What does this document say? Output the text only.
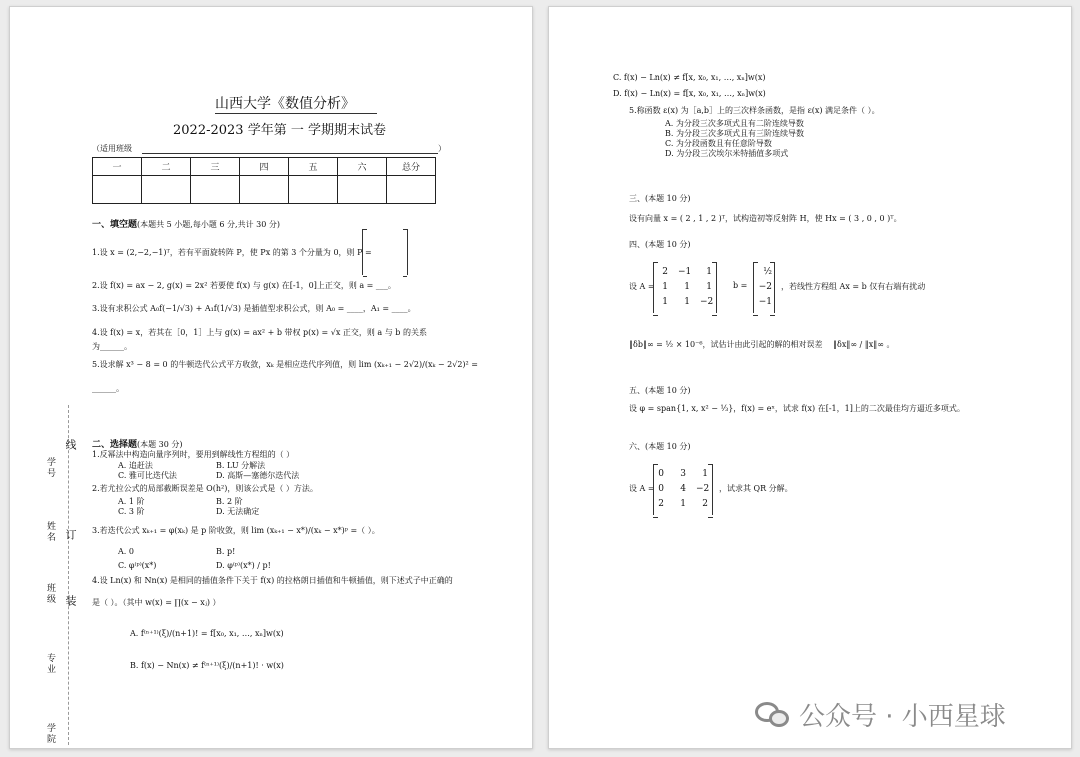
山西大学《数值分析》
2022-2023 学年第 一 学期期末试卷
（适用班级	）
一	二	三	四	五	六	总分

一、填空题(本题共 5 小题,每小题 6 分,共计 30 分)
1.设 x = (2,−2,−1)ᵀ，若有平面旋转阵 P，使 Px 的第 3 个分量为 0，则 P =
2.设 f(x) = ax − 2, g(x) = 2x² 若要使 f(x) 与 g(x) 在[-1，0]上正交，则 a = ___。
3.设有求积公式 A₀f(−1/√3) + A₁f(1/√3) 是插值型求积公式，则 A₀ = ____，A₁ = ____。
4.设 f(x) = x，若其在［0，1］上与 g(x) = ax² + b 带权 p(x) = √x 正交，则 a 与 b 的关系
为______。
5.设求解 x³ − 8 = 0 的牛顿迭代公式平方收敛，xₖ 是相应迭代序列值，则 lim (xₖ₊₁ − 2√2)/(xₖ − 2√2)² =
______。
学号
线
姓名 订
班级 装
专业
学院
二、选择题(本题 30 分)
1.反幂法中构造向量序列时，要用到解线性方程组的（ ）
A. 追赶法	B. LU 分解法
C. 雅可比迭代法	D. 高斯—塞德尔迭代法
2.若尤拉公式的局部截断误差是 O(h²)，则该公式是（ ）方法。
A. 1 阶	B. 2 阶
C. 3 阶	D. 无法确定
3.若迭代公式 xₖ₊₁ = φ(xₖ) 是 p 阶收敛，则 lim (xₖ₊₁ − x*)/(xₖ − x*)ᵖ =（ ）。
A. 0	B. p!
C. φ⁽ᵖ⁾(x*)	D. φ⁽ᵖ⁾(x*) / p!
4.设 Ln(x) 和 Nn(x) 是相同的插值条件下关于 f(x) 的拉格朗日插值和牛顿插值，则下述式子中正确的
是（ ）。（其中 w(x) = ∏(x − xⱼ) ）
A. f⁽ⁿ⁺¹⁾(ξ)/(n+1)! = f[x₀, x₁, …, xₙ]w(x)
B. f(x) − Nn(x) ≠ f⁽ⁿ⁺¹⁾(ξ)/(n+1)! · w(x)
C. f(x) − Ln(x) ≠ f[x, x₀, x₁, …, xₙ]w(x)
D. f(x) − Ln(x) = f[x, x₀, x₁, …, xₙ]w(x)
5.称函数 ε(x) 为［a,b］上的三次样条函数，是指 ε(x) 满足条件（ ）。
A. 为分段三次多项式且有二阶连续导数
B. 为分段三次多项式且有三阶连续导数
C. 为分段函数且有任意阶导数
D. 为分段三次埃尔米特插值多项式
三、(本题 10 分)
设有向量 x = ( 2 , 1 , 2 )ᵀ，试构造初等反射阵 H，使 Hx = ( 3 , 0 , 0 )ᵀ。
四、(本题 10 分)
设 A =
2 −1	1
1	1	1
1	1 −2
b =
½
−2
−1
，若线性方程组 Ax = b 仅有右端有扰动
‖δb‖∞ = ½ × 10⁻⁶，试估计由此引起的解的相对误差 ‖δx‖∞ / ‖x‖∞ 。
五、(本题 10 分)
设 φ = span{1, x, x² − ⅓}，f(x) = eˣ，试求 f(x) 在[-1，1]上的二次最佳均方逼近多项式。
六、(本题 10 分)
设 A =
0	3	1
0	4 −2
2	1	2
，试求其 QR 分解。
公众号 · 小西星球
